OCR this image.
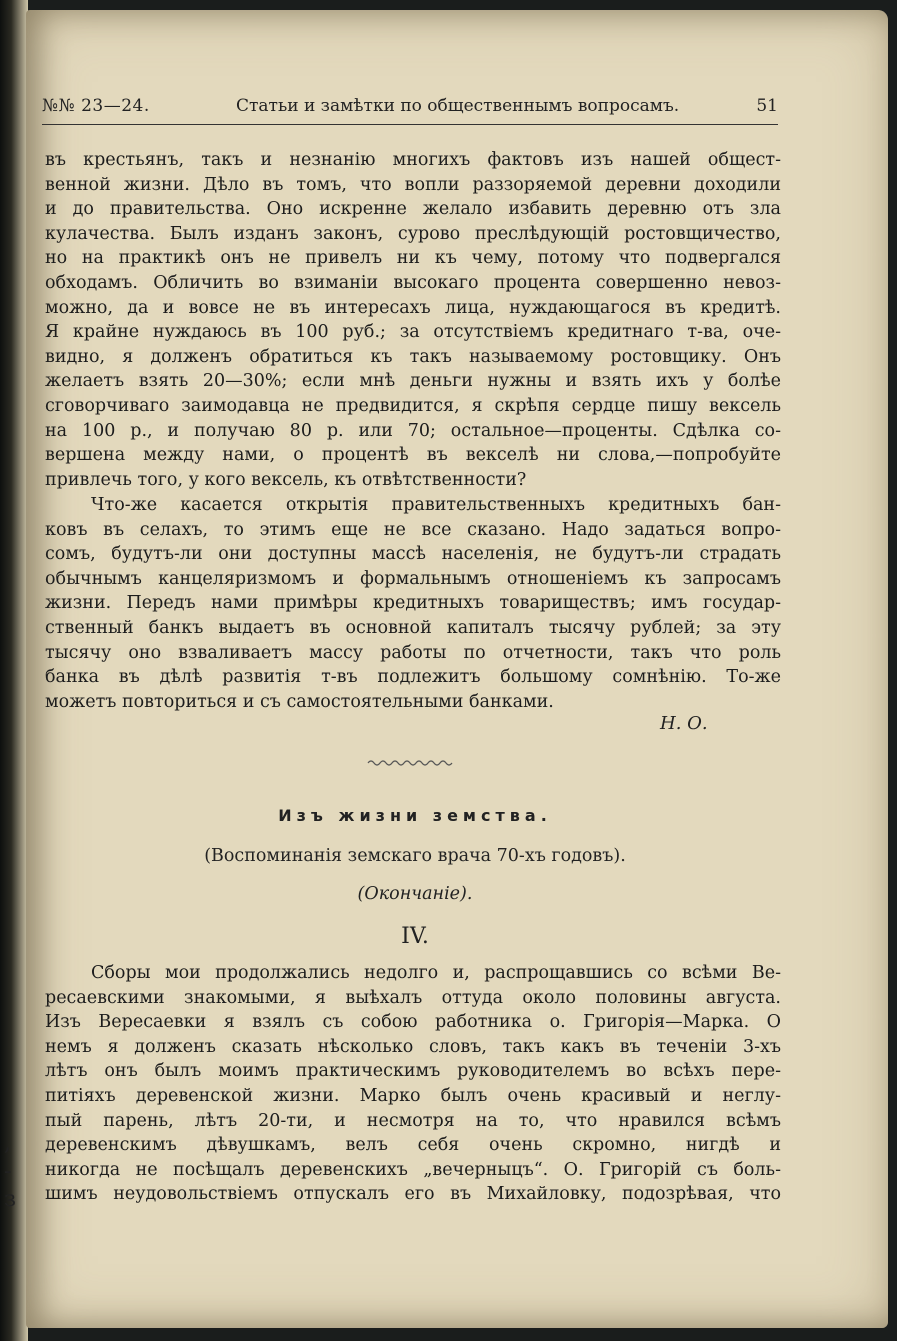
,
-
з
№№ 23—24.	Статьи и замѣтки по общественнымъ вопросамъ.	51
въ крестьянъ, такъ и незнанію многихъ фактовъ изъ нашей общест-
венной жизни. Дѣло въ томъ, что вопли раззоряемой деревни доходили
и до правительства. Оно искренне желало избавить деревню отъ зла
кулачества. Былъ изданъ законъ, сурово преслѣдующій ростовщичество,
но на практикѣ онъ не привелъ ни къ чему, потому что подвергался
обходамъ. Обличить во взиманіи высокаго процента совершенно невоз-
можно, да и вовсе не въ интересахъ лица, нуждающагося въ кредитѣ.
Я крайне нуждаюсь въ 100 руб.; за отсутствіемъ кредитнаго т-ва, оче-
видно, я долженъ обратиться къ такъ называемому ростовщику. Онъ
желаетъ взять 20—30%; если мнѣ деньги нужны и взять ихъ у болѣе
сговорчиваго заимодавца не предвидится, я скрѣпя сердце пишу вексель
на 100 р., и получаю 80 р. или 70; остальное—проценты. Сдѣлка со-
вершена между нами, о процентѣ въ векселѣ ни слова,—попробуйте
привлечь того, у кого вексель, къ отвѣтственности?
Что-же касается открытія правительственныхъ кредитныхъ бан-
ковъ въ селахъ, то этимъ еще не все сказано. Надо задаться вопро-
сомъ, будутъ-ли они доступны массѣ населенія, не будутъ-ли страдать
обычнымъ канцеляризмомъ и формальнымъ отношеніемъ къ запросамъ
жизни. Передъ нами примѣры кредитныхъ товариществъ; имъ государ-
ственный банкъ выдаетъ въ основной капиталъ тысячу рублей; за эту
тысячу оно взваливаетъ массу работы по отчетности, такъ что роль
банка въ дѣлѣ развитія т-въ подлежитъ большому сомнѣнію. То-же
можетъ повториться и съ самостоятельными банками.
Н. О.
Изъ жизни земства.
(Воспоминанія земскаго врача 70-хъ годовъ).
(Окончаніе).
IV.
Сборы мои продолжались недолго и, распрощавшись со всѣми Ве-
ресаевскими знакомыми, я выѣхалъ оттуда около половины августа.
Изъ Вересаевки я взялъ съ собою работника о. Григорія—Марка. О
немъ я долженъ сказать нѣсколько словъ, такъ какъ въ теченіи 3-хъ
лѣтъ онъ былъ моимъ практическимъ руководителемъ во всѣхъ пере-
питіяхъ деревенской жизни. Марко былъ очень красивый и неглу-
пый парень, лѣтъ 20-ти, и несмотря на то, что нравился всѣмъ
деревенскимъ дѣвушкамъ, велъ себя очень скромно, нигдѣ и
никогда не посѣщалъ деревенскихъ „вечерныцъ“. О. Григорій съ боль-
шимъ неудовольствіемъ отпускалъ его въ Михайловку, подозрѣвая, что
